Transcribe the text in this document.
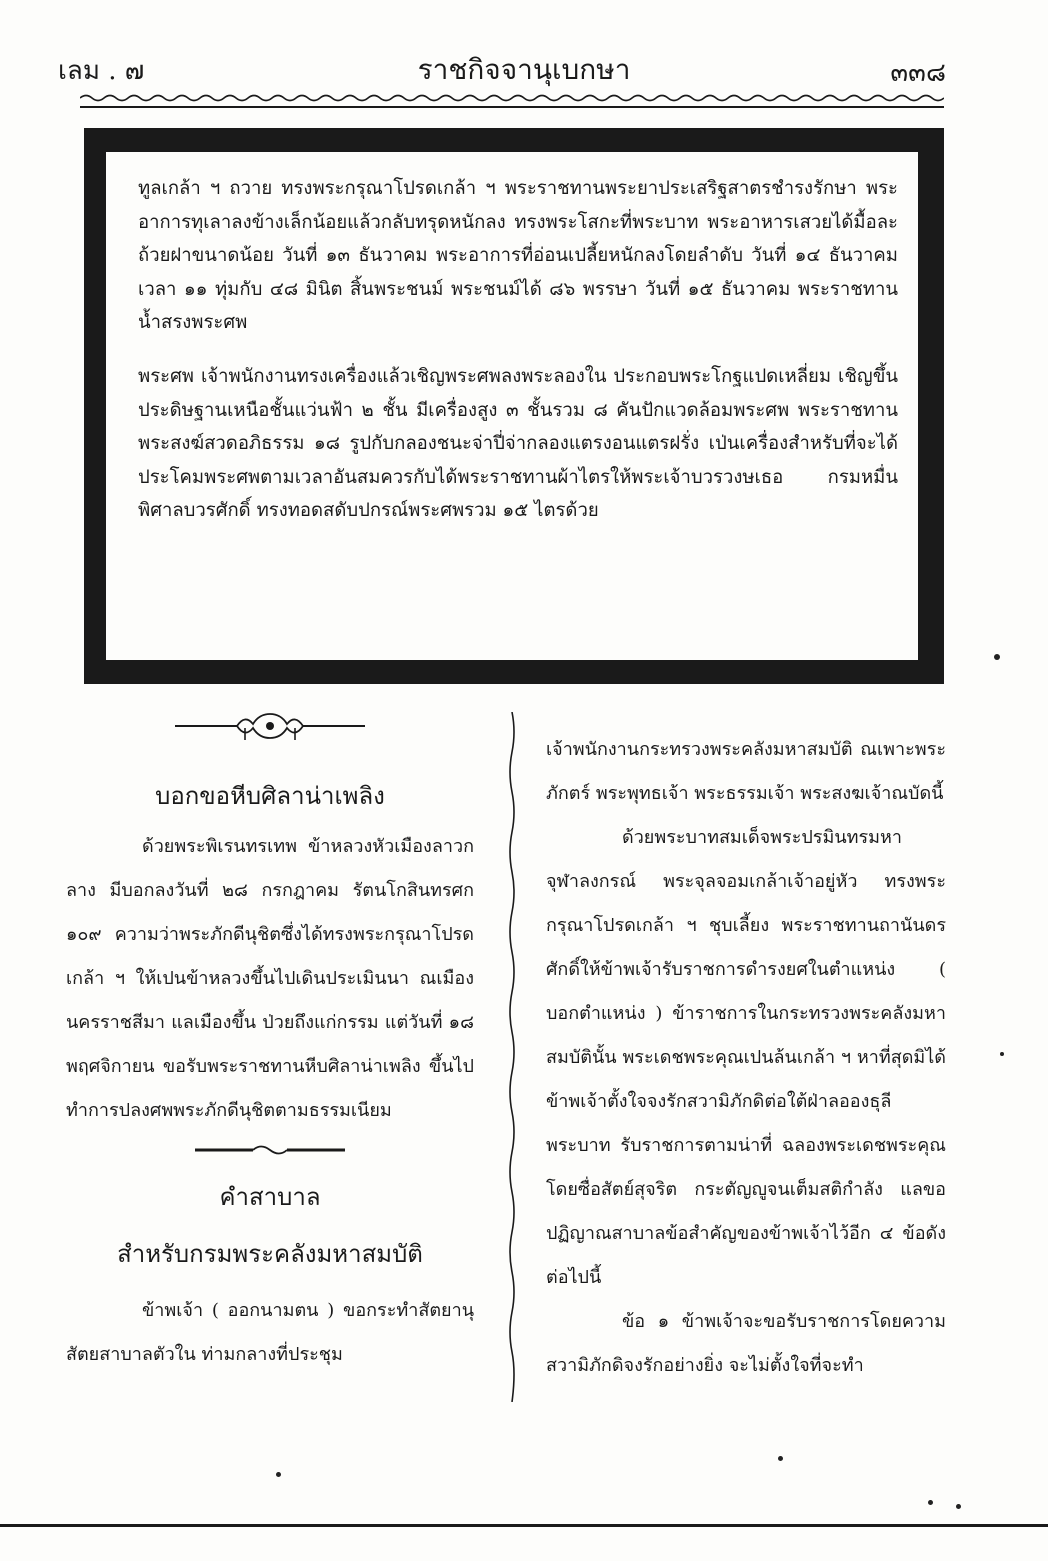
เลม . ๗	ราชกิจจานุเบกษา	๓๓๘

ทูลเกล้า ฯ ถวาย ทรงพระกรุณาโปรดเกล้า ฯ พระราชทานพระยาประเสริฐสาตรชำรงรักษา พระอาการทุเลาลงข้างเล็กน้อยแล้วกลับทรุดหนักลง ทรงพระโสกะที่พระบาท พระอาหารเสวยได้มื้อละถ้วยฝาขนาดน้อย วันที่ ๑๓ ธันวาคม พระอาการที่อ่อนเปลี้ยหนักลงโดยลำดับ วันที่ ๑๔ ธันวาคม เวลา ๑๑ ทุ่มกับ ๔๘ มินิต สิ้นพระชนม์ พระชนม์ได้ ๘๖ พรรษา วันที่ ๑๕ ธันวาคม พระราชทานน้ำสรงพระศพ

พระศพ เจ้าพนักงานทรงเครื่องแล้วเชิญพระศพลงพระลองใน ประกอบพระโกฐแปดเหลี่ยม เชิญขึ้นประดิษฐานเหนือชั้นแว่นฟ้า ๒ ชั้น มีเครื่องสูง ๓ ชั้นรวม ๘ คันปักแวดล้อมพระศพ พระราชทานพระสงฆ์สวดอภิธรรม ๑๘ รูปกับกลองชนะจ่าปี่จ่ากลองแตรงอนแตรฝรั่ง เป่นเครื่องสำหรับที่จะได้ประโคมพระศพตามเวลาอันสมควรกับได้พระราชทานผ้าไตรให้พระเจ้าบวรวงษเธอ กรมหมื่นพิศาลบวรศักดิ์ ทรงทอดสดับปกรณ์พระศพรวม ๑๕ ไตรด้วย

บอกขอหีบศิลาน่าเพลิง

ด้วยพระพิเรนทรเทพ ข้าหลวงหัวเมืองลาวกลาง มีบอกลงวันที่ ๒๘ กรกฎาคม รัตนโกสินทรศก ๑๐๙ ความว่าพระภักดีนุชิตซึ่งได้ทรงพระกรุณาโปรดเกล้า ฯ ให้เปนข้าหลวงขึ้นไปเดินประเมินนา ณเมืองนครราชสีมา แลเมืองขึ้น ป่วยถึงแก่กรรม แต่วันที่ ๑๘ พฤศจิกายน ขอรับพระราชทานหีบศิลาน่าเพลิง ขึ้นไปทำการปลงศพพระภักดีนุชิตตามธรรมเนียม

คำสาบาล

สำหรับกรมพระคลังมหาสมบัติ

ข้าพเจ้า ( ออกนามตน ) ขอกระทำสัตยานุสัตยสาบาลตัวใน ท่ามกลางที่ประชุม

เจ้าพนักงานกระทรวงพระคลังมหาสมบัติ ณเพาะพระภักตร์ พระพุทธเจ้า พระธรรมเจ้า พระสงฆเจ้าณบัดนี้

ด้วยพระบาทสมเด็จพระปรมินทรมหาจุฬาลงกรณ์ พระจุลจอมเกล้าเจ้าอยู่หัว ทรงพระกรุณาโปรดเกล้า ฯ ชุบเลี้ยง พระราชทานถานันดรศักดิ์ให้ข้าพเจ้ารับราชการดำรงยศในตำแหน่ง ( บอกตำแหน่ง ) ข้าราชการในกระทรวงพระคลังมหาสมบัตินั้น พระเดชพระคุณเปนล้นเกล้า ฯ หาที่สุดมิได้ ข้าพเจ้าตั้งใจจงรักสวามิภักดิต่อใต้ฝ่าลอองธุลีพระบาท รับราชการตามน่าที่ ฉลองพระเดชพระคุณโดยซื่อสัตย์สุจริต กระตัญญูจนเต็มสติกำลัง แลขอปฏิญาณสาบาลข้อสำคัญของข้าพเจ้าไว้อีก ๔ ข้อดังต่อไปนี้

ข้อ ๑ ข้าพเจ้าจะขอรับราชการโดยความสวามิภักดิจงรักอย่างยิ่ง จะไม่ตั้งใจที่จะทำ
